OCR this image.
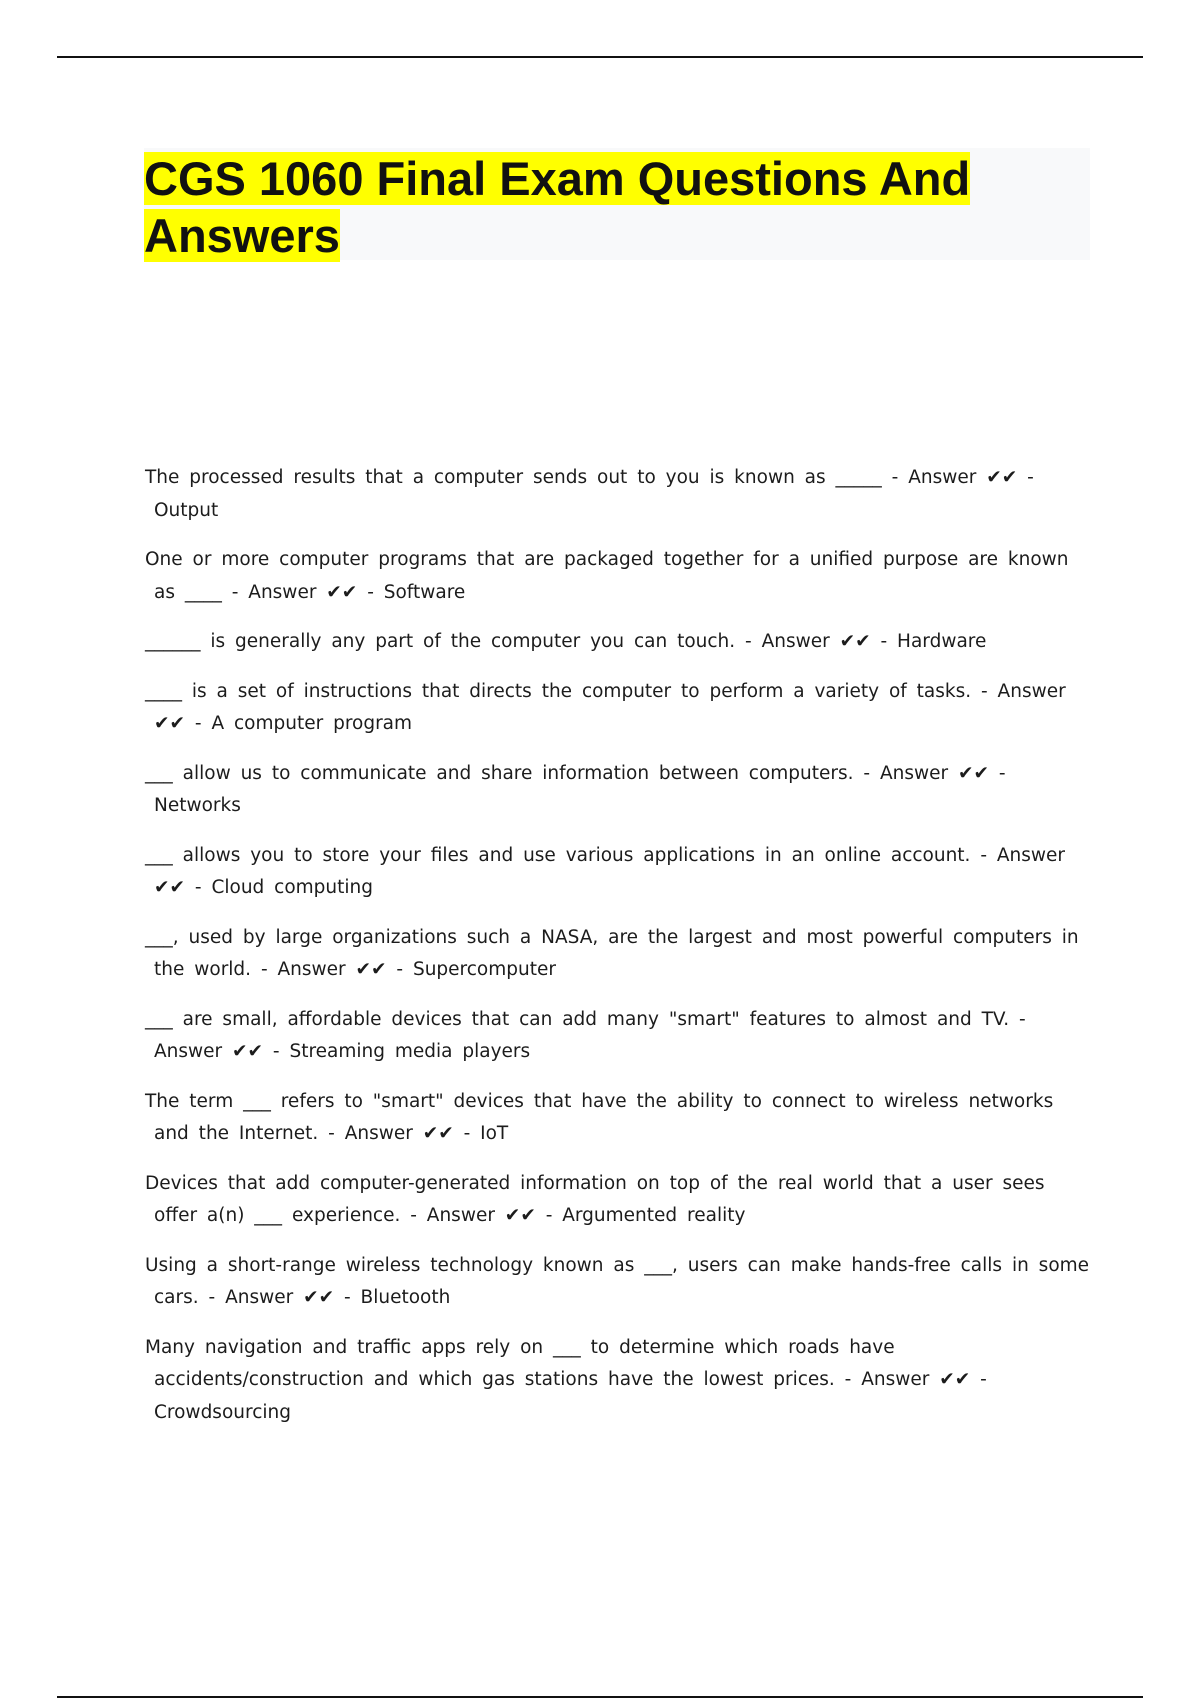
CGS 1060 Final Exam Questions And Answers

The processed results that a computer sends out to you is known as _____ - Answer ✔✔ - Output

One or more computer programs that are packaged together for a unified purpose are known as ____ - Answer ✔✔ - Software

______ is generally any part of the computer you can touch. - Answer ✔✔ - Hardware

____ is a set of instructions that directs the computer to perform a variety of tasks. - Answer ✔✔ - A computer program

___ allow us to communicate and share information between computers. - Answer ✔✔ - Networks

___ allows you to store your files and use various applications in an online account. - Answer ✔✔ - Cloud computing

___, used by large organizations such a NASA, are the largest and most powerful computers in the world. - Answer ✔✔ - Supercomputer

___ are small, affordable devices that can add many "smart" features to almost and TV. - Answer ✔✔ - Streaming media players

The term ___ refers to "smart" devices that have the ability to connect to wireless networks and the Internet. - Answer ✔✔ - IoT

Devices that add computer-generated information on top of the real world that a user sees offer a(n) ___ experience. - Answer ✔✔ - Argumented reality

Using a short-range wireless technology known as ___, users can make hands-free calls in some cars. - Answer ✔✔ - Bluetooth

Many navigation and traffic apps rely on ___ to determine which roads have accidents/construction and which gas stations have the lowest prices. - Answer ✔✔ - Crowdsourcing
